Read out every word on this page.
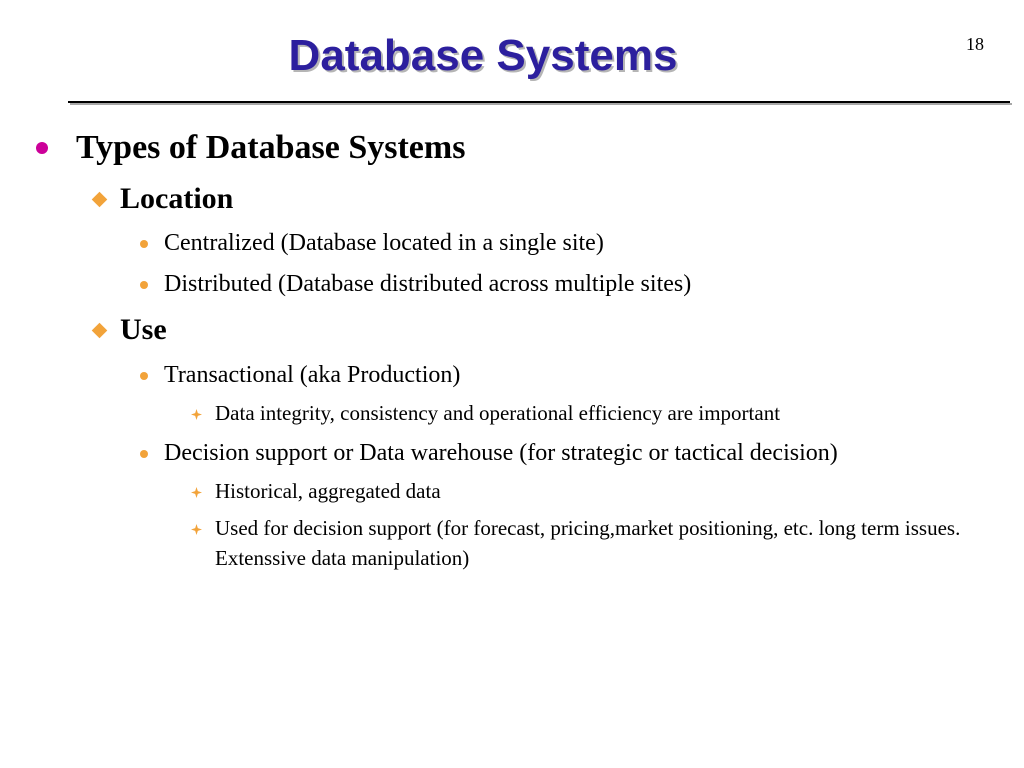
Database Systems	18
Types of Database Systems
Location
Centralized (Database located in a single site)
Distributed (Database distributed across multiple sites)
Use
Transactional (aka Production)
Data integrity, consistency and operational efficiency are important
Decision support or Data warehouse (for strategic or tactical decision)
Historical, aggregated data
Used for decision support (for forecast, pricing,market positioning, etc. long term issues. Extenssive data manipulation)
